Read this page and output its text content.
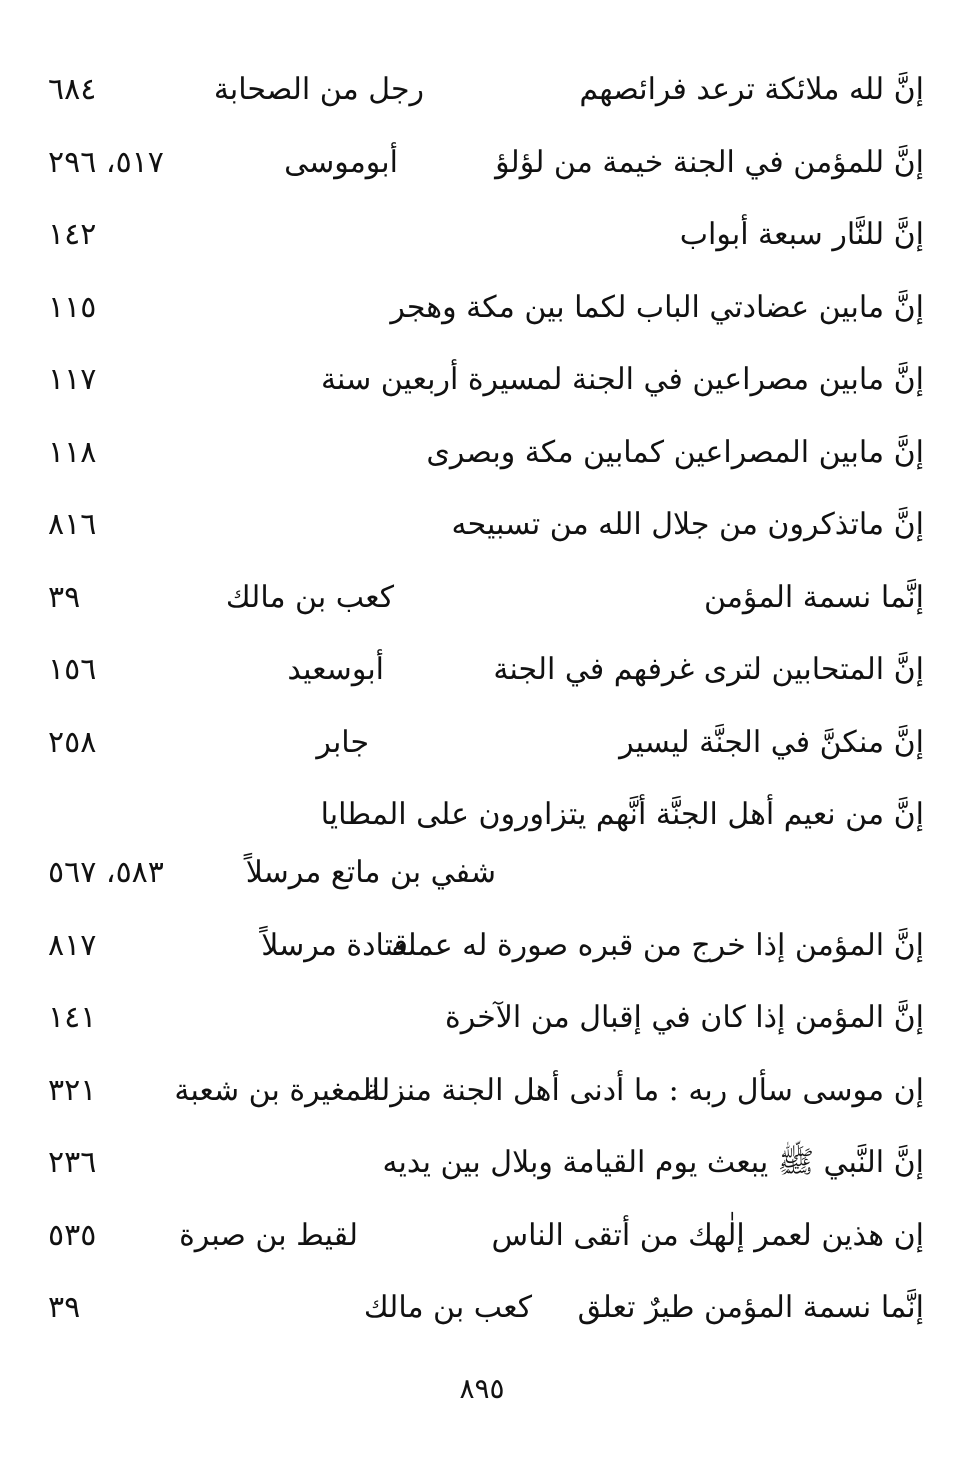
إنَّ لله ملائكة ترعد فرائصهم
رجل من الصحابة
٦٨٤
إنَّ للمؤمن في الجنة خيمة من لؤلؤ
أبوموسى
٥١٧، ٢٩٦
إنَّ للنَّار سبعة أبواب
١٤٢
إنَّ مابين عضادتي الباب لكما بين مكة وهجر
١١٥
إنَّ مابين مصراعين في الجنة لمسيرة أربعين سنة
١١٧
إنَّ مابين المصراعين كمابين مكة وبصرى
١١٨
إنَّ ماتذكرون من جلال الله من تسبيحه
٨١٦
إنَّما نسمة المؤمن
كعب بن مالك
٣٩
إنَّ المتحابين لترى غرفهم في الجنة
أبوسعيد
١٥٦
إنَّ منكنَّ في الجنَّة ليسير
جابر
٢٥٨
إنَّ من نعيم أهل الجنَّة أنَّهم يتزاورون على المطايا
شفي بن ماتع مرسلاً
٥٨٣، ٥٦٧
إنَّ المؤمن إذا خرج من قبره صورة له عمله
قتادة مرسلاً
٨١٧
إنَّ المؤمن إذا كان في إقبال من الآخرة
١٤١
إن موسى سأل ربه : ما أدنى أهل الجنة منزلة
المغيرة بن شعبة
٣٢١
إنَّ النَّبي ﷺ يبعث يوم القيامة وبلال بين يديه
٢٣٦
إن هذين لعمر إلٰهك من أتقى الناس
لقيط بن صبرة
٥٣٥
إنَّما نسمة المؤمن طيرٌ تعلق
كعب بن مالك
٣٩
٨٩٥
